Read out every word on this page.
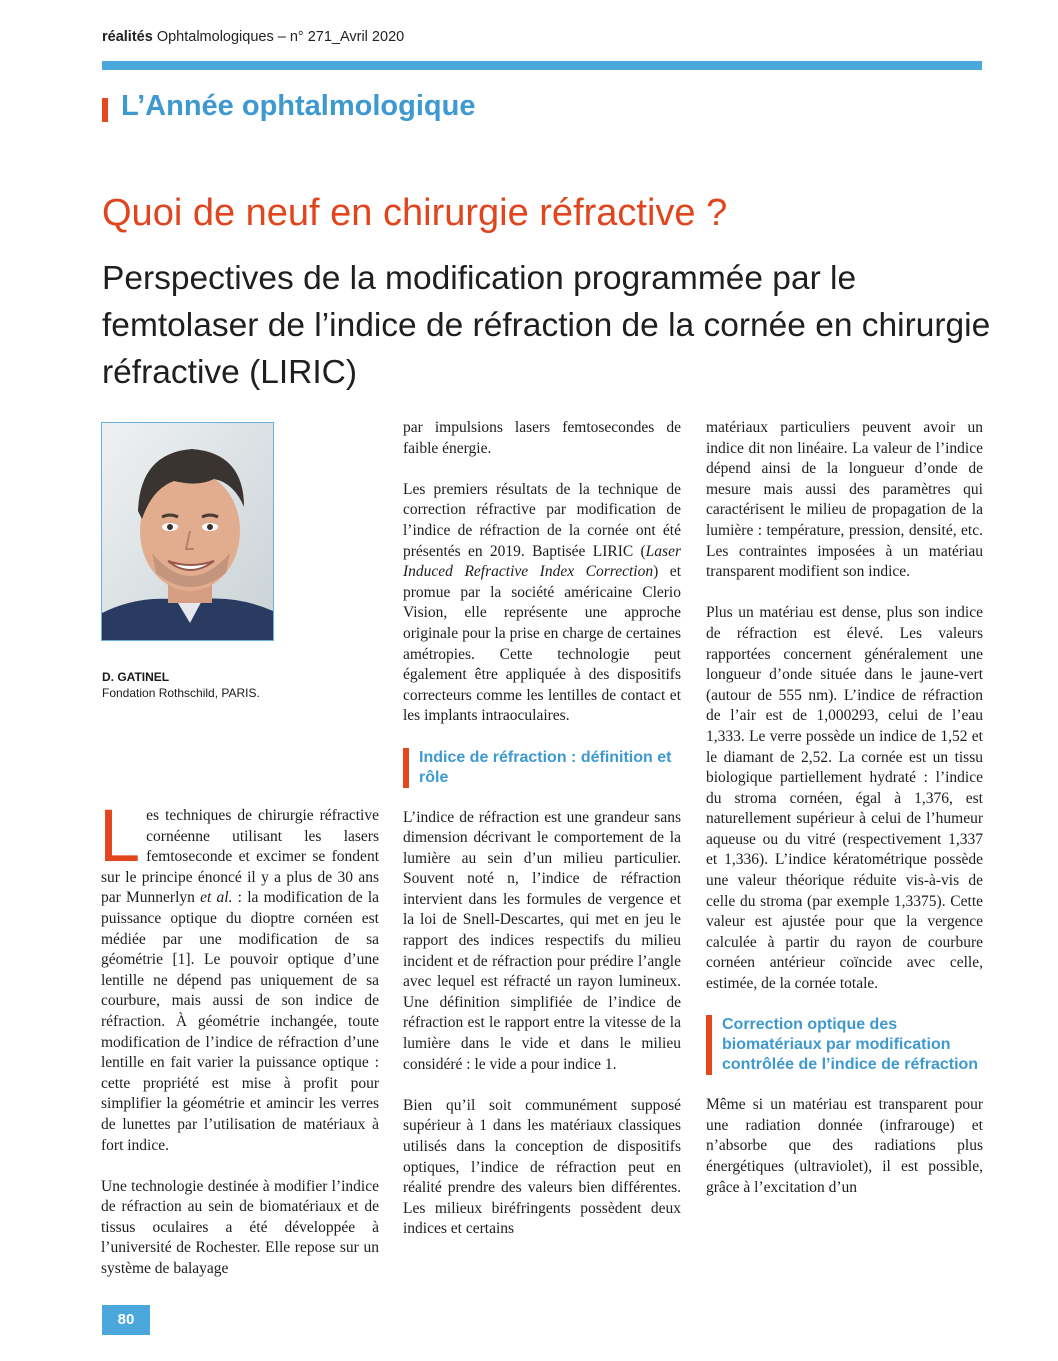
réalités Ophtalmologiques – n° 271_Avril 2020
L’Année ophtalmologique
Quoi de neuf en chirurgie réfractive ?
Perspectives de la modification programmée par le femtolaser de l’indice de réfraction de la cornée en chirurgie réfractive (LIRIC)
D. GATINEL
Fondation Rothschild, PARIS.

Les techniques de chirurgie réfractive cornéenne utilisant les lasers femtoseconde et excimer se fondent sur le principe énoncé il y a plus de 30 ans par Munnerlyn et al. : la modification de la puissance optique du dioptre cornéen est médiée par une modification de sa géométrie [1]. Le pouvoir optique d’une lentille ne dépend pas uniquement de sa courbure, mais aussi de son indice de réfraction. À géométrie inchangée, toute modification de l’indice de réfraction d’une lentille en fait varier la puissance optique : cette propriété est mise à profit pour simplifier la géométrie et amincir les verres de lunettes par l’utilisation de matériaux à fort indice.

Une technologie destinée à modifier l’indice de réfraction au sein de biomatériaux et de tissus oculaires a été développée à l’université de Rochester. Elle repose sur un système de balayage

par impulsions lasers femtosecondes de faible énergie.

Les premiers résultats de la technique de correction réfractive par modification de l’indice de réfraction de la cornée ont été présentés en 2019. Baptisée LIRIC (Laser Induced Refractive Index Correction) et promue par la société américaine Clerio Vision, elle représente une approche originale pour la prise en charge de certaines amétropies. Cette technologie peut également être appliquée à des dispositifs correcteurs comme les lentilles de contact et les implants intraoculaires.

Indice de réfraction : définition et rôle

L’indice de réfraction est une grandeur sans dimension décrivant le comportement de la lumière au sein d’un milieu particulier. Souvent noté n, l’indice de réfraction intervient dans les formules de vergence et la loi de Snell-Descartes, qui met en jeu le rapport des indices respectifs du milieu incident et de réfraction pour prédire l’angle avec lequel est réfracté un rayon lumineux. Une définition simplifiée de l’indice de réfraction est le rapport entre la vitesse de la lumière dans le vide et dans le milieu considéré : le vide a pour indice 1.

Bien qu’il soit communément supposé supérieur à 1 dans les matériaux classiques utilisés dans la conception de dispositifs optiques, l’indice de réfraction peut en réalité prendre des valeurs bien différentes. Les milieux biréfringents possèdent deux indices et certains

matériaux particuliers peuvent avoir un indice dit non linéaire. La valeur de l’indice dépend ainsi de la longueur d’onde de mesure mais aussi des paramètres qui caractérisent le milieu de propagation de la lumière : température, pression, densité, etc. Les contraintes imposées à un matériau transparent modifient son indice.

Plus un matériau est dense, plus son indice de réfraction est élevé. Les valeurs rapportées concernent généralement une longueur d’onde située dans le jaune-vert (autour de 555 nm). L’indice de réfraction de l’air est de 1,000293, celui de l’eau 1,333. Le verre possède un indice de 1,52 et le diamant de 2,52. La cornée est un tissu biologique partiellement hydraté : l’indice du stroma cornéen, égal à 1,376, est naturellement supérieur à celui de l’humeur aqueuse ou du vitré (respectivement 1,337 et 1,336). L’indice kératométrique possède une valeur théorique réduite vis-à-vis de celle du stroma (par exemple 1,3375). Cette valeur est ajustée pour que la vergence calculée à partir du rayon de courbure cornéen antérieur coïncide avec celle, estimée, de la cornée totale.

Correction optique des biomatériaux par modification contrôlée de l’indice de réfraction

Même si un matériau est transparent pour une radiation donnée (infrarouge) et n’absorbe que des radiations plus énergétiques (ultraviolet), il est possible, grâce à l’excitation d’un

80
